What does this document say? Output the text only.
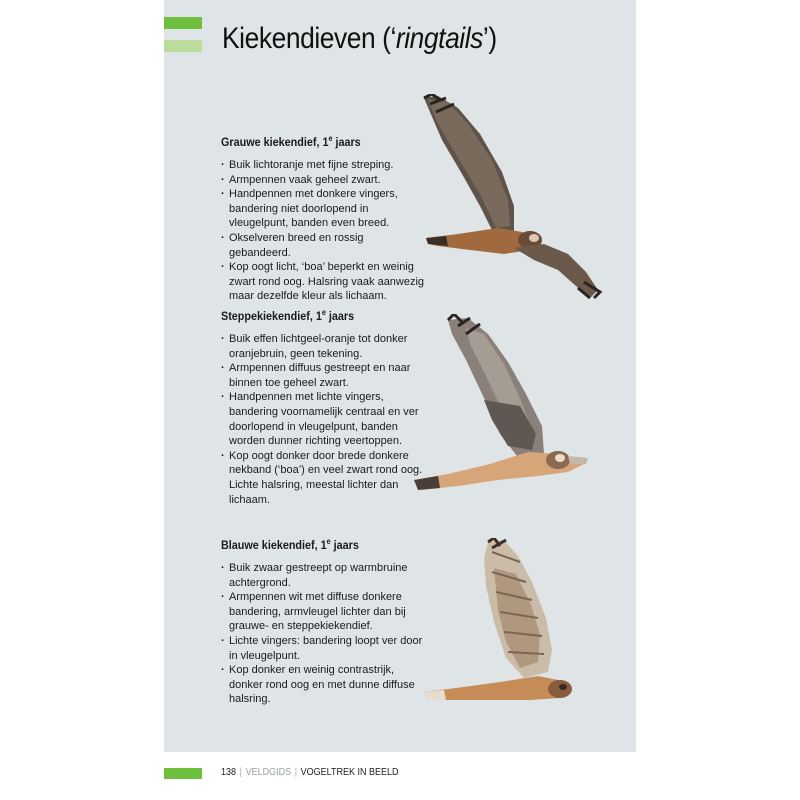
Kiekendieven (‘ringtails’)
Grauwe kiekendief, 1e jaars
· Buik lichtoranje met fijne streping.
· Armpennen vaak geheel zwart.
· Handpennen met donkere vingers, bandering niet doorlopend in vleugelpunt, banden even breed.
· Okselveren breed en rossig gebandeerd.
· Kop oogt licht, ‘boa’ beperkt en weinig zwart rond oog. Halsring vaak aanwezig maar dezelfde kleur als lichaam.
Steppekiekendief, 1e jaars
· Buik effen lichtgeel-oranje tot donker oranjebruin, geen tekening.
· Armpennen diffuus gestreept en naar binnen toe geheel zwart.
· Handpennen met lichte vingers, bandering voornamelijk centraal en ver doorlopend in vleugelpunt, banden worden dunner richting veertoppen.
· Kop oogt donker door brede donkere nekband (‘boa’) en veel zwart rond oog. Lichte halsring, meestal lichter dan lichaam.
Blauwe kiekendief, 1e jaars
· Buik zwaar gestreept op warmbruine achtergrond.
· Armpennen wit met diffuse donkere bandering, armvleugel lichter dan bij grauwe- en steppekiekendief.
· Lichte vingers: bandering loopt ver door in vleugelpunt.
· Kop donker en weinig contrastrijk, donker rond oog en met dunne diffuse halsring.
138 | VELDGIDS | VOGELTREK IN BEELD
